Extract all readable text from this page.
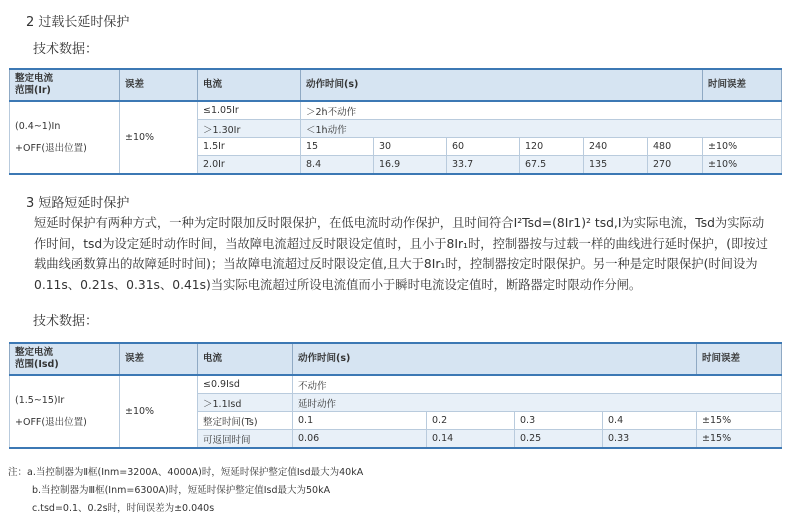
2 过载长延时保护
技术数据：
整定电流
范围(Ir)	误差	电流	动作时间(s)						时间误差
(0.4~1)In
+OFF(退出位置)	±10%	≤1.05Ir	＞2h不动作						
		＞1.30Ir	＜1h动作						
		1.5Ir	15	30	60	120	240	480	±10%
		2.0Ir	8.4	16.9	33.7	67.5	135	270	±10%
3 短路短延时保护
短延时保护有两种方式，一种为定时限加反时限保护，在低电流时动作保护，且时间符合I²Tsd=(8Ir1)² tsd,I为实际电流，Tsd为实际动作时间，tsd为设定延时动作时间，当故障电流超过反时限设定值时，且小于8Ir₁时，控制器按与过载一样的曲线进行延时保护，(即按过载曲线函数算出的故障延时时间)；当故障电流超过反时限设定值,且大于8Ir₁时，控制器按定时限保护。另一种是定时限保护(时间设为0.11s、0.21s、0.31s、0.41s)当实际电流超过所设电流值而小于瞬时电流设定值时，断路器定时限动作分闸。
技术数据：
整定电流
范围(Isd)	误差	电流	动作时间(s)				时间误差
(1.5~15)Ir
+OFF(退出位置)	±10%	≤0.9Isd	不动作				
		＞1.1Isd	延时动作				
		整定时间(Ts)	0.1	0.2	0.3	0.4	±15%
		可返回时间	0.06	0.14	0.25	0.33	±15%
注：a.当控制器为Ⅱ框(Inm=3200A、4000A)时，短延时保护整定值Isd最大为40kA
b.当控制器为Ⅲ框(Inm=6300A)时，短延时保护整定值Isd最大为50kA
c.tsd=0.1、0.2s时，时间误差为±0.040s
